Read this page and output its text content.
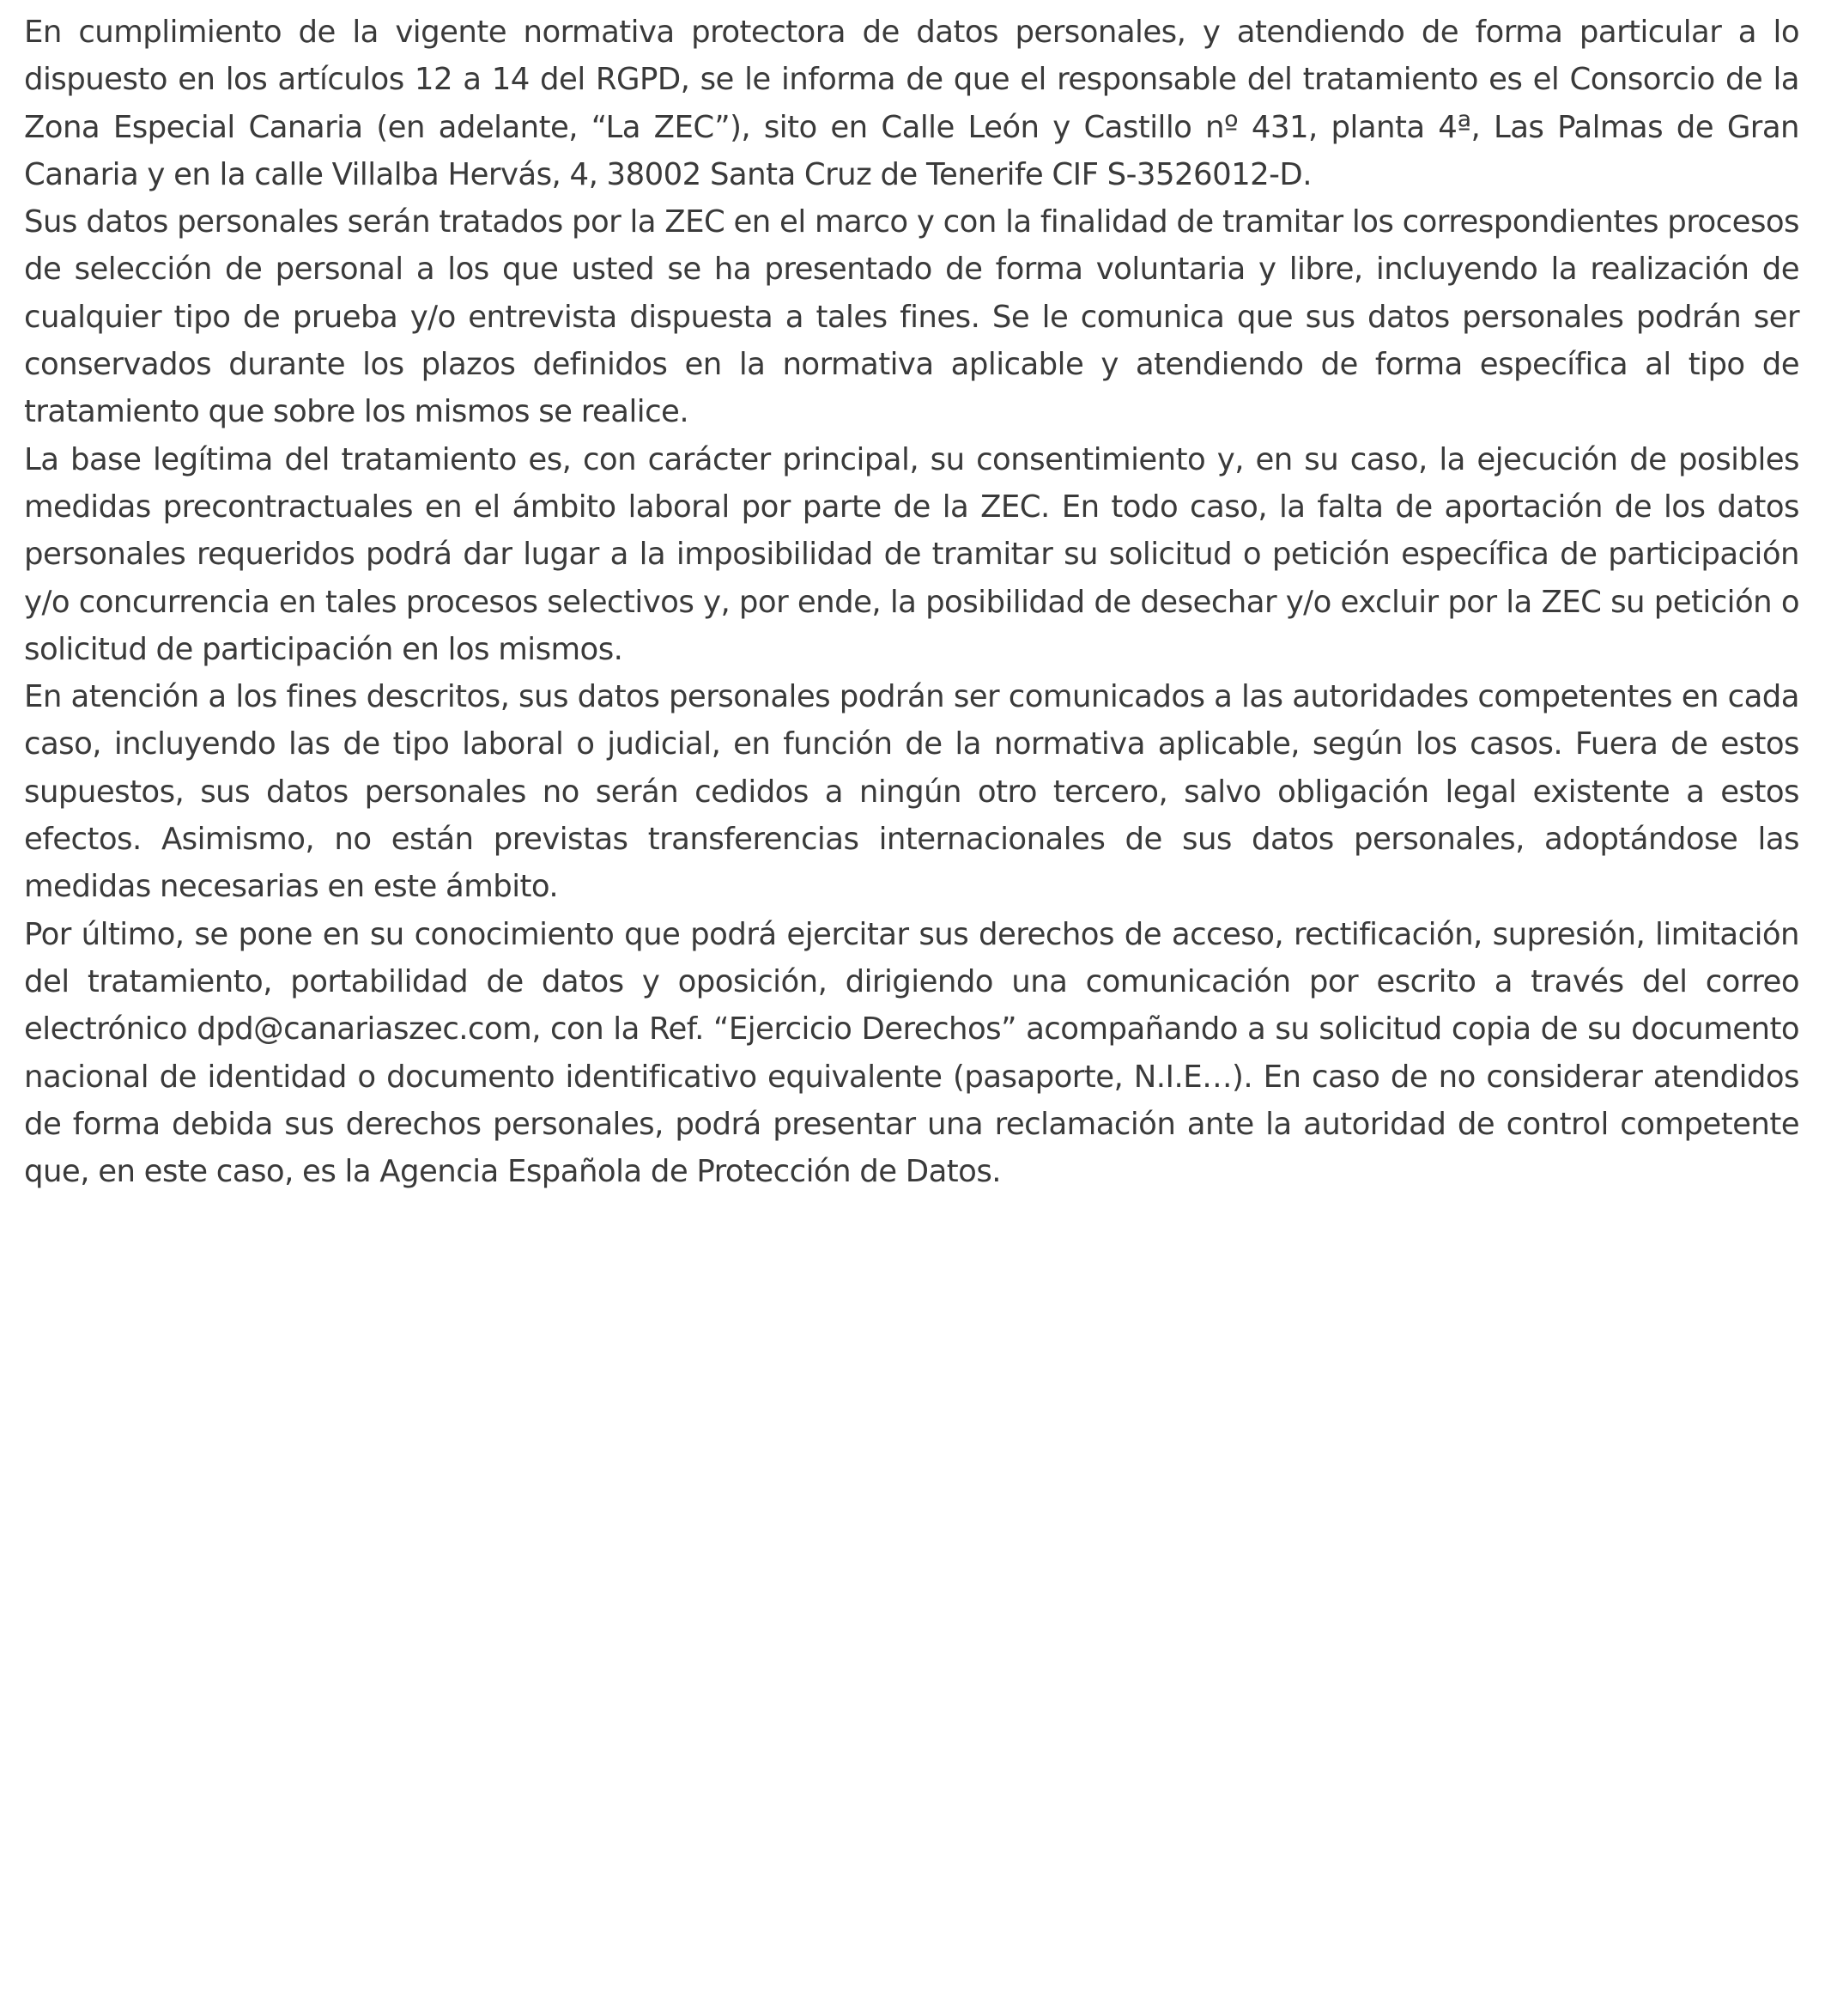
En cumplimiento de la vigente normativa protectora de datos personales, y atendiendo de forma particular a lo dispuesto en los artículos 12 a 14 del RGPD, se le informa de que el responsable del tratamiento es el Consorcio de la Zona Especial Canaria (en adelante, “La ZEC”), sito en Calle León y Castillo nº 431, planta 4ª, Las Palmas de Gran Canaria y en la calle Villalba Hervás, 4, 38002 Santa Cruz de Tenerife CIF S-3526012-D.

Sus datos personales serán tratados por la ZEC en el marco y con la finalidad de tramitar los correspondientes procesos de selección de personal a los que usted se ha presentado de forma voluntaria y libre, incluyendo la realización de cualquier tipo de prueba y/o entrevista dispuesta a tales fines. Se le comunica que sus datos personales podrán ser conservados durante los plazos definidos en la normativa aplicable y atendiendo de forma específica al tipo de tratamiento que sobre los mismos se realice.

La base legítima del tratamiento es, con carácter principal, su consentimiento y, en su caso, la ejecución de posibles medidas precontractuales en el ámbito laboral por parte de la ZEC. En todo caso, la falta de aportación de los datos personales requeridos podrá dar lugar a la imposibilidad de tramitar su solicitud o petición específica de participación y/o concurrencia en tales procesos selectivos y, por ende, la posibilidad de desechar y/o excluir por la ZEC su petición o solicitud de participación en los mismos.

En atención a los fines descritos, sus datos personales podrán ser comunicados a las autoridades competentes en cada caso, incluyendo las de tipo laboral o judicial, en función de la normativa aplicable, según los casos. Fuera de estos supuestos, sus datos personales no serán cedidos a ningún otro tercero, salvo obligación legal existente a estos efectos. Asimismo, no están previstas transferencias internacionales de sus datos personales, adoptándose las medidas necesarias en este ámbito.

Por último, se pone en su conocimiento que podrá ejercitar sus derechos de acceso, rectificación, supresión, limitación del tratamiento, portabilidad de datos y oposición, dirigiendo una comunicación por escrito a través del correo electrónico dpd@canariaszec.com, con la Ref. “Ejercicio Derechos” acompañando a su solicitud copia de su documento nacional de identidad o documento identificativo equivalente (pasaporte, N.I.E…). En caso de no considerar atendidos de forma debida sus derechos personales, podrá presentar una reclamación ante la autoridad de control competente que, en este caso, es la Agencia Española de Protección de Datos.
